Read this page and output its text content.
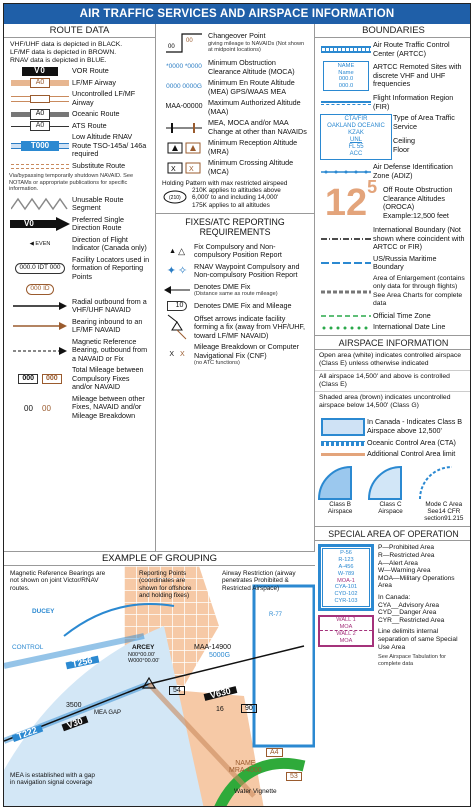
AIR TRAFFIC SERVICES AND AIRSPACE INFORMATION
ROUTE DATA
VHF/UHF data is depicted in BLACK.
LF/MF data is depicted in BROWN.
RNAV data is depicted in BLUE.
V0	VOR Route
A0	LF/MF Airway
Uncontrolled LF/MF Airway
A0	Oceanic Route
A0	ATS Route
T000
Low Altitude RNAV Route TSO-145a/ 146a required
Substitute Route
Via/bypassing temporarily shutdown NAVAID. See NOTAMs or appropriate publications for specific information.
Unusable Route Segment
V0	Preferred Single Direction Route
◀
EVEN
Direction of Flight Indicator (Canada only)
000.0 IDT 000
Facility Locators used in formation of Reporting Points
000 ID
Radial outbound from a VHF/UHF NAVAID
Bearing inbound to an LF/MF NAVAID
Magnetic Reference Bearing, outbound from a NAVAID or Fix
000	000
Total Mileage between Compulsory Fixes and/or NAVAID
00 00
Mileage between other Fixes, NAVAID and/or Mileage Breakdown
00
00
Changeover Point
giving mileage to NAVAIDs (Not shown at midpoint locations)
*0000 *0000 Minimum Obstruction Clearance Altitude (MOCA)
0000 0000G Minimum En Route Altitude (MEA) GPS/WAAS MEA
MAA-00000 Maximum Authorized Altitude (MAA)
MEA, MOCA and/or MAA Change at other than NAVAIDs
Minimum Reception Altitude (MRA)
X X
Minimum Crossing Altitude (MCA)
Holding Pattern with max restricted airspeed
(210)
210K applies to altitudes above
6,000' to and including 14,000'
175K applies to all altitudes
FIXES/ATC REPORTING REQUIREMENTS
▲ △ Fix Compulsory and Non-compulsory Position Report
✦ ✧ RNAV Waypoint Compulsory and Non-compulsory Position Report
Denotes DME Fix
(Distance same as route mileage)
10	Denotes DME Fix and Mileage
Offset arrows indicate facility forming a fix (away from VHF/UHF, toward LF/MF NAVAID)
X X
Mileage Breakdown or Computer Navigational Fix (CNF)
(no ATC functions)
BOUNDARIES
Air Route Traffic Control Center (ARTCC)
NAME
Name
000.0
000.0
ARTCC Remoted Sites with discrete VHF and UHF frequencies
Flight Information Region (FIR)
CTA/FIR
OAKLAND OCEANIC
KZAK
UNL
FL 55
ACC
Type of Area Traffic Service
Ceiling
Floor
Air Defense Identification Zone (ADIZ)
12 5 Off Route Obstruction Clearance Altitudes (OROCA)
Example:12,500 feet
International Boundary (Not shown where coincident with ARTCC or FIR)
US/Russia Maritime Boundary
Area of Enlargement (contains only data for through flights) See Area Charts for complete data
Official Time Zone
International Date Line
AIRSPACE INFORMATION
Open area (white) indicates controlled airspace (Class E) unless otherwise indicated
All airspace 14,500' and above is controlled (Class E)
Shaded area (brown) indicates uncontrolled airspace below 14,500' (Class G)
In Canada - Indicates Class B Airspace above 12,500'
Oceanic Control Area (CTA)
Additional Control Area limit
Class B Airspace
Class C Airspace
Mode C Area See14 CFR section91.215
SPECIAL AREA OF OPERATION
P-56
R-123
A-456
W-789
MOA-1
CYA-101
CYD-102
CYR-103
WALL 1
MOA
WALL 2
MOA
P—Prohibited Area
R—Restricted Area
A—Alert Area
W—Warning Area
MOA—Military Operations Area
In Canada:
CYA__Advisory Area
CYD__Danger Area
CYR__Restricted Area
Line delimits internal separation of same Special Use Area
See Airspace Tabulation for complete data
EXAMPLE OF GROUPING
Magnetic Reference Bearings are not shown on joint Victor/RNAV routes.
Reporting Points (coordinates are shown for offshore and holding fixes)
Airway Restriction (airway penetrates Prohibited & Restricted Airspace)
DUCEY
CONTROL	ARCEY
N00°00.00'
W000°00.00'
MAA-14900
5000G
T256
T222
V30
V630
54
90
16
MEA GAP
3500
NAME
MRA 4000
A4
53
R-77
Water Vignette
MEA is established with a gap in navigation signal coverage
